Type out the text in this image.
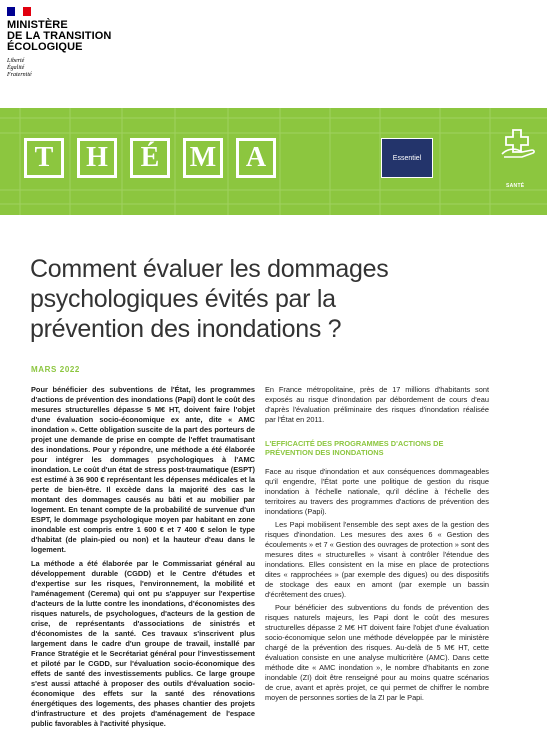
MINISTÈRE
DE LA TRANSITION
ÉCOLOGIQUE
Liberté
Égalité
Fraternité
T	H	É	M	A	Essentiel
SANTÉ
Comment évaluer les dommages
psychologiques évités par la
prévention des inondations ?
MARS 2022

Pour bénéficier des subventions de l'État, les programmes d'actions de prévention des inondations (Papi) dont le coût des mesures structurelles dépasse 5 M€ HT, doivent faire l'objet d'une évaluation socio-économique ex ante, dite « AMC inondation ». Cette obligation suscite de la part des porteurs de projet une demande de prise en compte de l'effet traumatisant des inondations. Pour y répondre, une méthode a été élaborée pour intégrer les dommages psychologiques à l'AMC inondation. Le coût d'un état de stress post-traumatique (ESPT) est estimé à 36 900 € représentant les dépenses médicales et la perte de bien-être. Il excède dans la majorité des cas le montant des dommages causés au bâti et au mobilier par logement. En tenant compte de la probabilité de survenue d'un ESPT, le dommage psychologique moyen par habitant en zone inondable est compris entre 1 600 € et 7 400 € selon le type d'habitat (de plain-pied ou non) et la hauteur d'eau dans le logement.

La méthode a été élaborée par le Commissariat général au développement durable (CGDD) et le Centre d'études et d'expertise sur les risques, l'environnement, la mobilité et l'aménagement (Cerema) qui ont pu s'appuyer sur l'expertise d'acteurs de la lutte contre les inondations, d'économistes des risques naturels, de psychologues, d'acteurs de la gestion de crise, de représentants d'associations de sinistrés et d'économistes de la santé. Ces travaux s'inscrivent plus largement dans le cadre d'un groupe de travail, installé par France Stratégie et le Secrétariat général pour l'investissement et piloté par le CGDD, sur l'évaluation socio-économique des effets de santé des investissements publics. Ce large groupe s'est aussi attaché à proposer des outils d'évaluation socio-économique des effets sur la santé des rénovations énergétiques des logements, des phases chantier des projets d'infrastructure et des projets d'aménagement de l'espace public favorables à l'activité physique.

En France métropolitaine, près de 17 millions d'habitants sont exposés au risque d'inondation par débordement de cours d'eau d'après l'évaluation préliminaire des risques d'inondation réalisée par l'État en 2011.

L'EFFICACITÉ DES PROGRAMMES D'ACTIONS DE PRÉVENTION DES INONDATIONS

Face au risque d'inondation et aux conséquences dommageables qu'il engendre, l'État porte une politique de gestion du risque inondation à l'échelle nationale, qu'il décline à l'échelle des territoires au travers des programmes d'actions de prévention des inondations (Papi).

Les Papi mobilisent l'ensemble des sept axes de la gestion des risques d'inondation. Les mesures des axes 6 « Gestion des écoulements » et 7 « Gestion des ouvrages de protection » sont des mesures dites « structurelles » visant à contrôler l'étendue des inondations. Elles consistent en la mise en place de protections dites « rapprochées » (par exemple des digues) ou des dispositifs de stockage des eaux en amont (par exemple un bassin d'écrêtement des crues).

Pour bénéficier des subventions du fonds de prévention des risques naturels majeurs, les Papi dont le coût des mesures structurelles dépasse 2 M€ HT doivent faire l'objet d'une évaluation socio-économique selon une méthode développée par le ministère chargé de la prévention des risques. Au-delà de 5 M€ HT, cette évaluation consiste en une analyse multicritère (AMC). Dans cette méthode dite « AMC inondation », le nombre d'habitants en zone inondable (ZI) doit être renseigné pour au moins quatre scénarios de crue, avant et après projet, ce qui permet de chiffrer le nombre moyen de personnes sorties de la ZI par le Papi.
